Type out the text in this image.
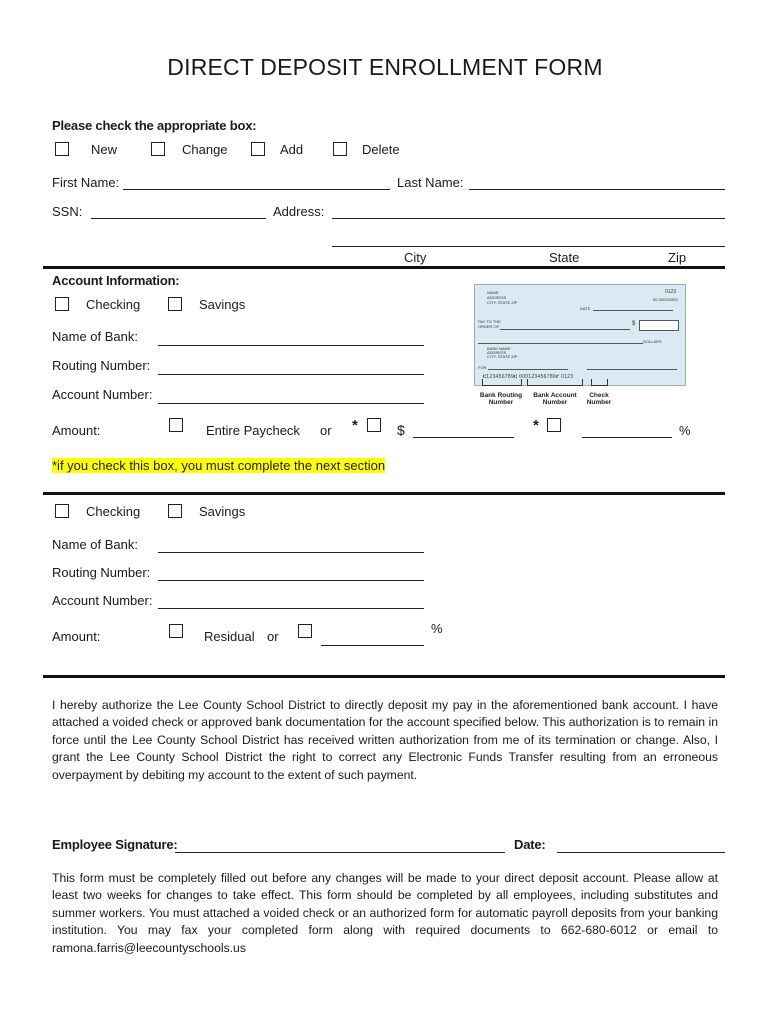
DIRECT DEPOSIT ENROLLMENT FORM
Please check the appropriate box:
New	Change	Add	Delete
First Name:	Last Name:
SSN:	Address:
City	State	Zip
Account Information:
Checking	Savings
Name of Bank:
Routing Number:
Account Number:
NAME
ADDRESS
CITY, STATE ZIP
0123
00-0000/0000
DATE
PAY TO THE
ORDER OF	$
DOLLARS
BANK NAME
ADDRESS
CITY, STATE ZIP
FOR
⑆123456789⑆ 000123456789⑈ 0123
Bank Routing
Number
Bank Account
Number
Check
Number
Amount:	Entire Paycheck or *	$	*	%
*if you check this box, you must complete the next section
Checking	Savings
Name of Bank:
Routing Number:
Account Number:
Amount:	Residual or
%
I hereby authorize the Lee County School District to directly deposit my pay in the aforementioned bank account. I have attached a voided check or approved bank documentation for the account specified below. This authorization is to remain in force until the Lee County School District has received written authorization from me of its termination or change. Also, I grant the Lee County School District the right to correct any Electronic Funds Transfer resulting from an erroneous overpayment by debiting my account to the extent of such payment.
Employee Signature:	Date:
This form must be completely filled out before any changes will be made to your direct deposit account. Please allow at least two weeks for changes to take effect. This form should be completed by all employees, including substitutes and summer workers. You must attached a voided check or an authorized form for automatic payroll deposits from your banking institution. You may fax your completed form along with required documents to 662-680-6012 or email to ramona.farris@leecountyschools.us
